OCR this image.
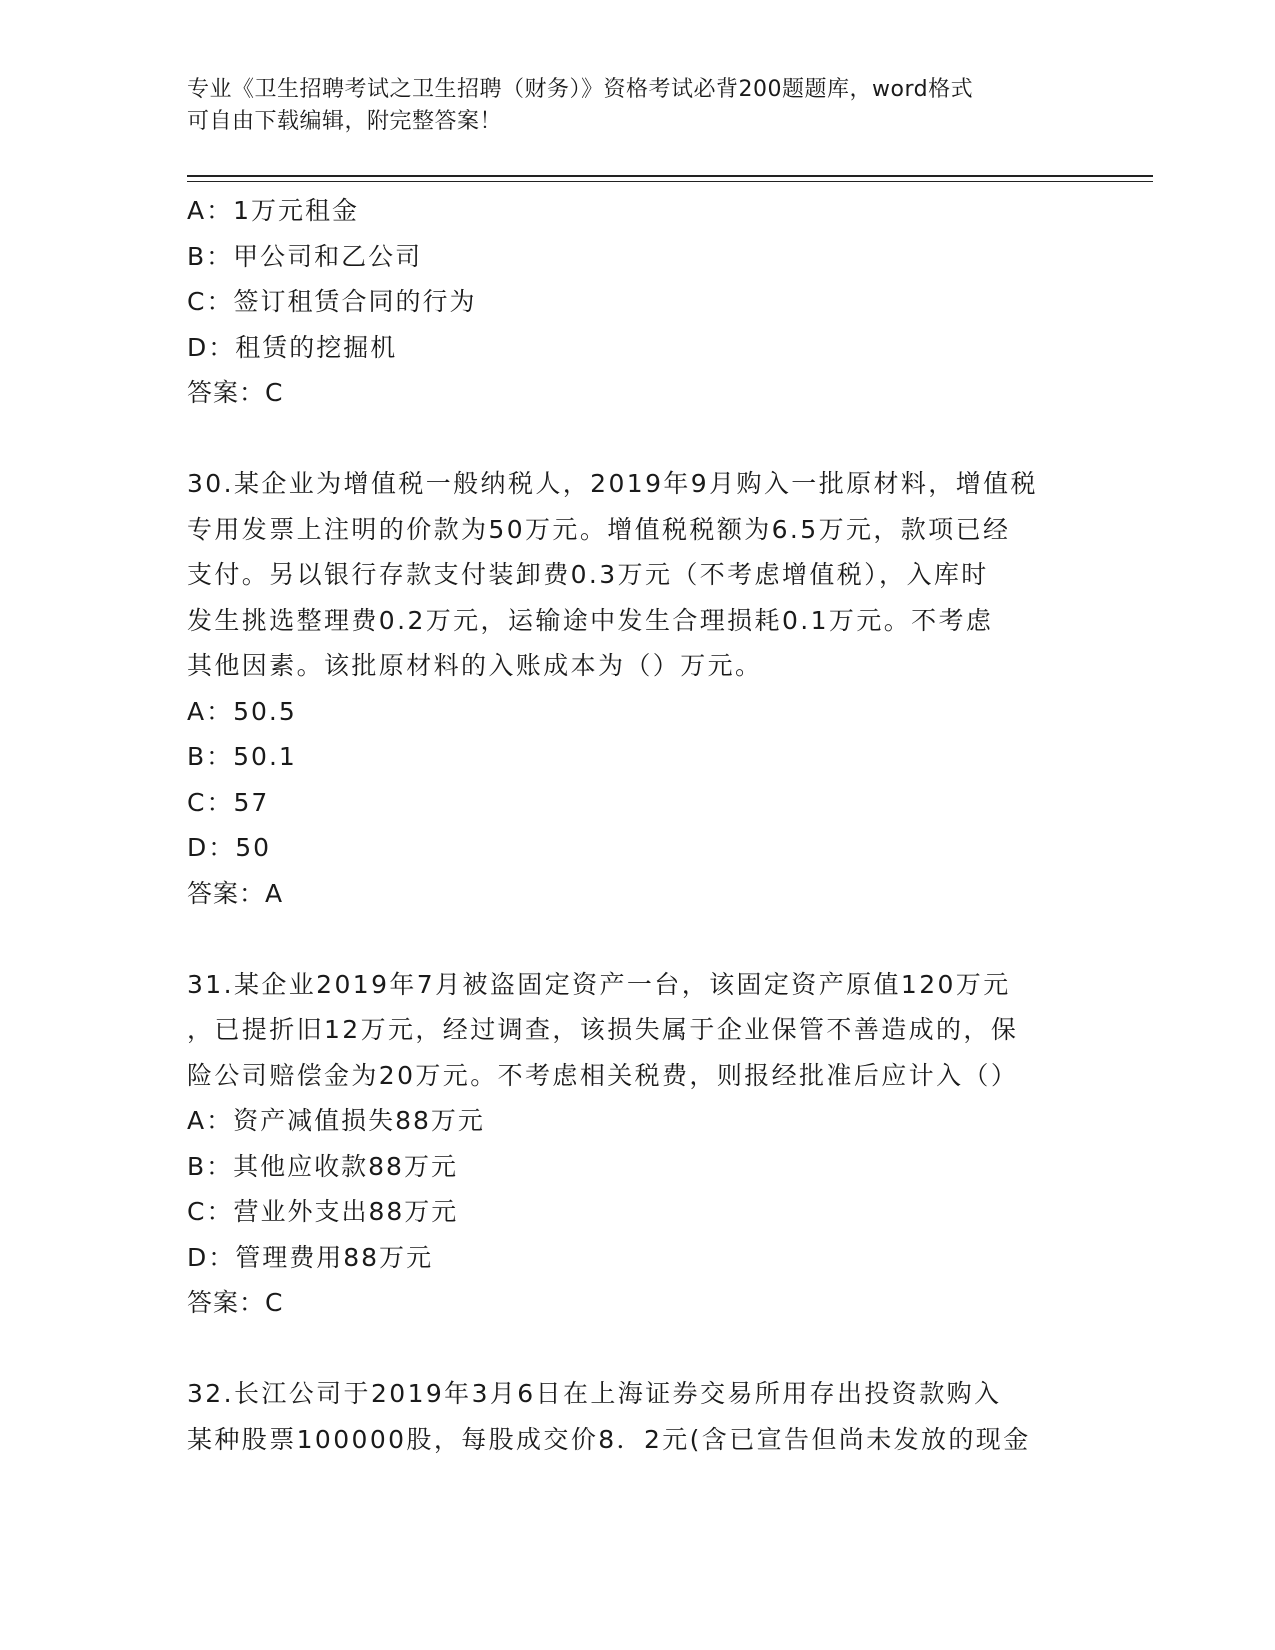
专业《卫生招聘考试之卫生招聘（财务）》资格考试必背200题题库，word格式
可自由下载编辑，附完整答案！
A：1万元租金
B：甲公司和乙公司
C：签订租赁合同的行为
D：租赁的挖掘机
答案：C
30.某企业为增值税一般纳税人，2019年9月购入一批原材料，增值税
专用发票上注明的价款为50万元。增值税税额为6.5万元，款项已经
支付。另以银行存款支付装卸费0.3万元（不考虑增值税），入库时
发生挑选整理费0.2万元，运输途中发生合理损耗0.1万元。不考虑
其他因素。该批原材料的入账成本为（）万元。
A：50.5
B：50.1
C：57
D：50
答案：A
31.某企业2019年7月被盗固定资产一台，该固定资产原值120万元
，已提折旧12万元，经过调查，该损失属于企业保管不善造成的，保
险公司赔偿金为20万元。不考虑相关税费，则报经批准后应计入（）
A：资产减值损失88万元
B：其他应收款88万元
C：营业外支出88万元
D：管理费用88万元
答案：C
32.长江公司于2019年3月6日在上海证券交易所用存出投资款购入
某种股票100000股，每股成交价8．2元(含已宣告但尚未发放的现金
